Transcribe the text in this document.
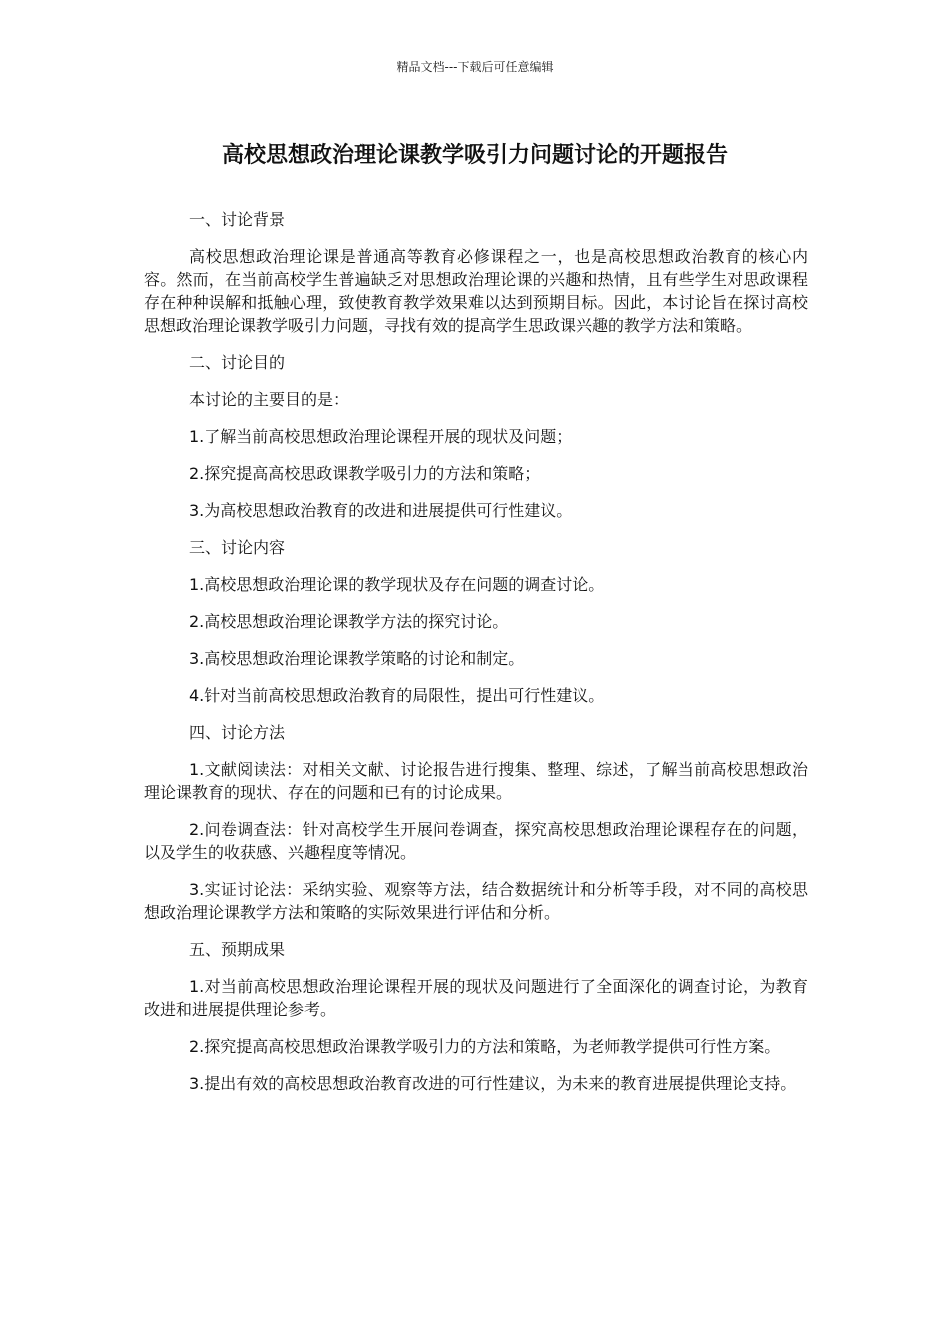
精品文档---下载后可任意编辑
高校思想政治理论课教学吸引力问题讨论的开题报告

一、讨论背景

高校思想政治理论课是普通高等教育必修课程之一，也是高校思想政治教育的核心内容。然而，在当前高校学生普遍缺乏对思想政治理论课的兴趣和热情，且有些学生对思政课程存在种种误解和抵触心理，致使教育教学效果难以达到预期目标。因此，本讨论旨在探讨高校思想政治理论课教学吸引力问题，寻找有效的提高学生思政课兴趣的教学方法和策略。

二、讨论目的

本讨论的主要目的是：

1.了解当前高校思想政治理论课程开展的现状及问题；

2.探究提高高校思政课教学吸引力的方法和策略；

3.为高校思想政治教育的改进和进展提供可行性建议。

三、讨论内容

1.高校思想政治理论课的教学现状及存在问题的调查讨论。

2.高校思想政治理论课教学方法的探究讨论。

3.高校思想政治理论课教学策略的讨论和制定。

4.针对当前高校思想政治教育的局限性，提出可行性建议。

四、讨论方法

1.文献阅读法：对相关文献、讨论报告进行搜集、整理、综述，了解当前高校思想政治理论课教育的现状、存在的问题和已有的讨论成果。

2.问卷调查法：针对高校学生开展问卷调查，探究高校思想政治理论课程存在的问题，以及学生的收获感、兴趣程度等情况。

3.实证讨论法：采纳实验、观察等方法，结合数据统计和分析等手段，对不同的高校思想政治理论课教学方法和策略的实际效果进行评估和分析。

五、预期成果

1.对当前高校思想政治理论课程开展的现状及问题进行了全面深化的调查讨论，为教育改进和进展提供理论参考。

2.探究提高高校思想政治课教学吸引力的方法和策略，为老师教学提供可行性方案。

3.提出有效的高校思想政治教育改进的可行性建议，为未来的教育进展提供理论支持。
